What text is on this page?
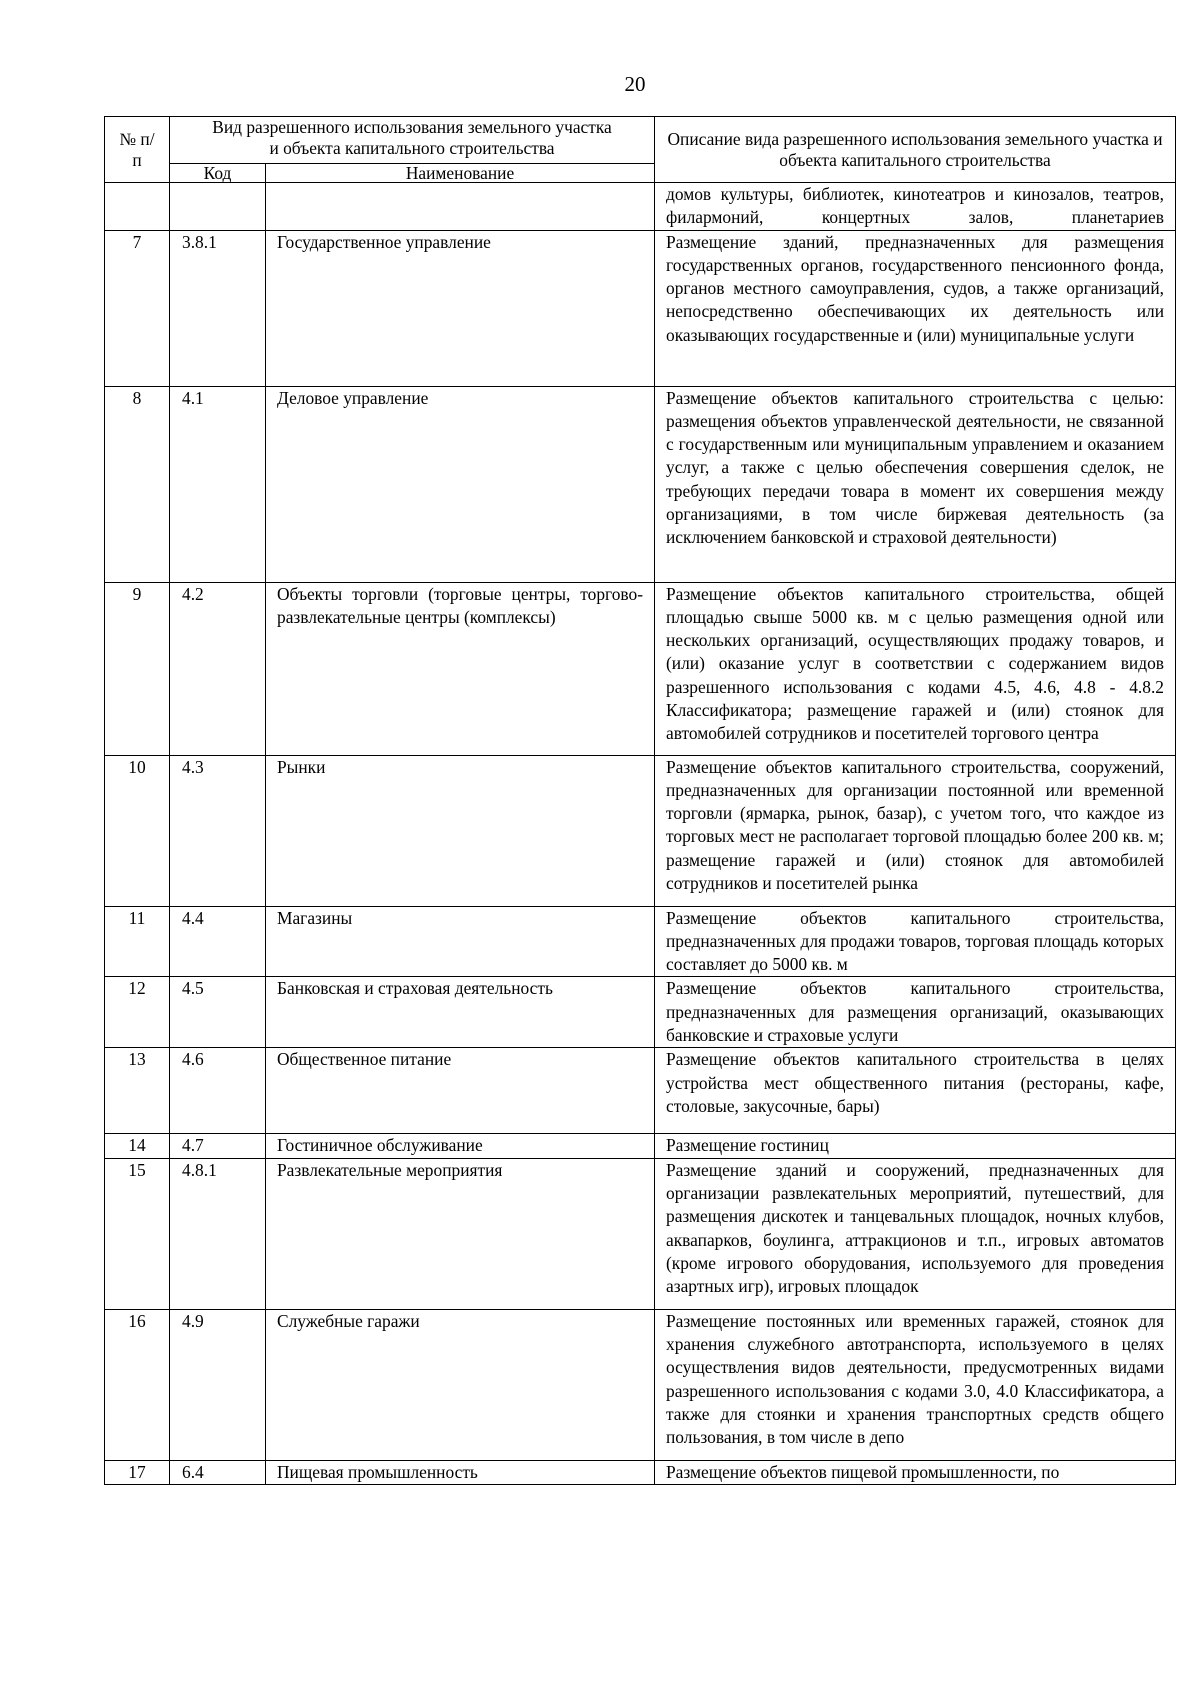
20
№ п/п	Вид разрешенного использования земельного участка и объекта капитального строительства		Описание вида разрешенного использования земельного участка и объекта капитального строительства
	Код	Наименование	
			домов культуры, библиотек, кинотеатров и кинозалов, театров, филармоний, концертных залов, планетариев
7	3.8.1	Государственное управление	Размещение зданий, предназначенных для размещения государственных органов, государственного пенсионного фонда, органов местного самоуправления, судов, а также организаций, непосредственно обеспечивающих их деятельность или оказывающих государственные и (или) муниципальные услуги
8	4.1	Деловое управление	Размещение объектов капитального строительства с целью: размещения объектов управленческой деятельности, не связанной с государственным или муниципальным управлением и оказанием услуг, а также с целью обеспечения совершения сделок, не требующих передачи товара в момент их совершения между организациями, в том числе биржевая деятельность (за исключением банковской и страховой деятельности)
9	4.2	Объекты торговли (торговые центры, торгово-развлекательные центры (комплексы)	Размещение объектов капитального строительства, общей площадью свыше 5000 кв. м с целью размещения одной или нескольких организаций, осуществляющих продажу товаров, и (или) оказание услуг в соответствии с содержанием видов разрешенного использования с кодами 4.5, 4.6, 4.8 - 4.8.2 Классификатора; размещение гаражей и (или) стоянок для автомобилей сотрудников и посетителей торгового центра
10	4.3	Рынки	Размещение объектов капитального строительства, сооружений, предназначенных для организации постоянной или временной торговли (ярмарка, рынок, базар), с учетом того, что каждое из торговых мест не располагает торговой площадью более 200 кв. м; размещение гаражей и (или) стоянок для автомобилей сотрудников и посетителей рынка
11	4.4	Магазины	Размещение объектов капитального строительства, предназначенных для продажи товаров, торговая площадь которых составляет до 5000 кв. м
12	4.5	Банковская и страховая деятельность	Размещение объектов капитального строительства, предназначенных для размещения организаций, оказывающих банковские и страховые услуги
13	4.6	Общественное питание	Размещение объектов капитального строительства в целях устройства мест общественного питания (рестораны, кафе, столовые, закусочные, бары)
14	4.7	Гостиничное обслуживание	Размещение гостиниц
15	4.8.1	Развлекательные мероприятия	Размещение зданий и сооружений, предназначенных для организации развлекательных мероприятий, путешествий, для размещения дискотек и танцевальных площадок, ночных клубов, аквапарков, боулинга, аттракционов и т.п., игровых автоматов (кроме игрового оборудования, используемого для проведения азартных игр), игровых площадок
16	4.9	Служебные гаражи	Размещение постоянных или временных гаражей, стоянок для хранения служебного автотранспорта, используемого в целях осуществления видов деятельности, предусмотренных видами разрешенного использования с кодами 3.0, 4.0 Классификатора, а также для стоянки и хранения транспортных средств общего пользования, в том числе в депо
17	6.4	Пищевая промышленность	Размещение объектов пищевой промышленности, по
